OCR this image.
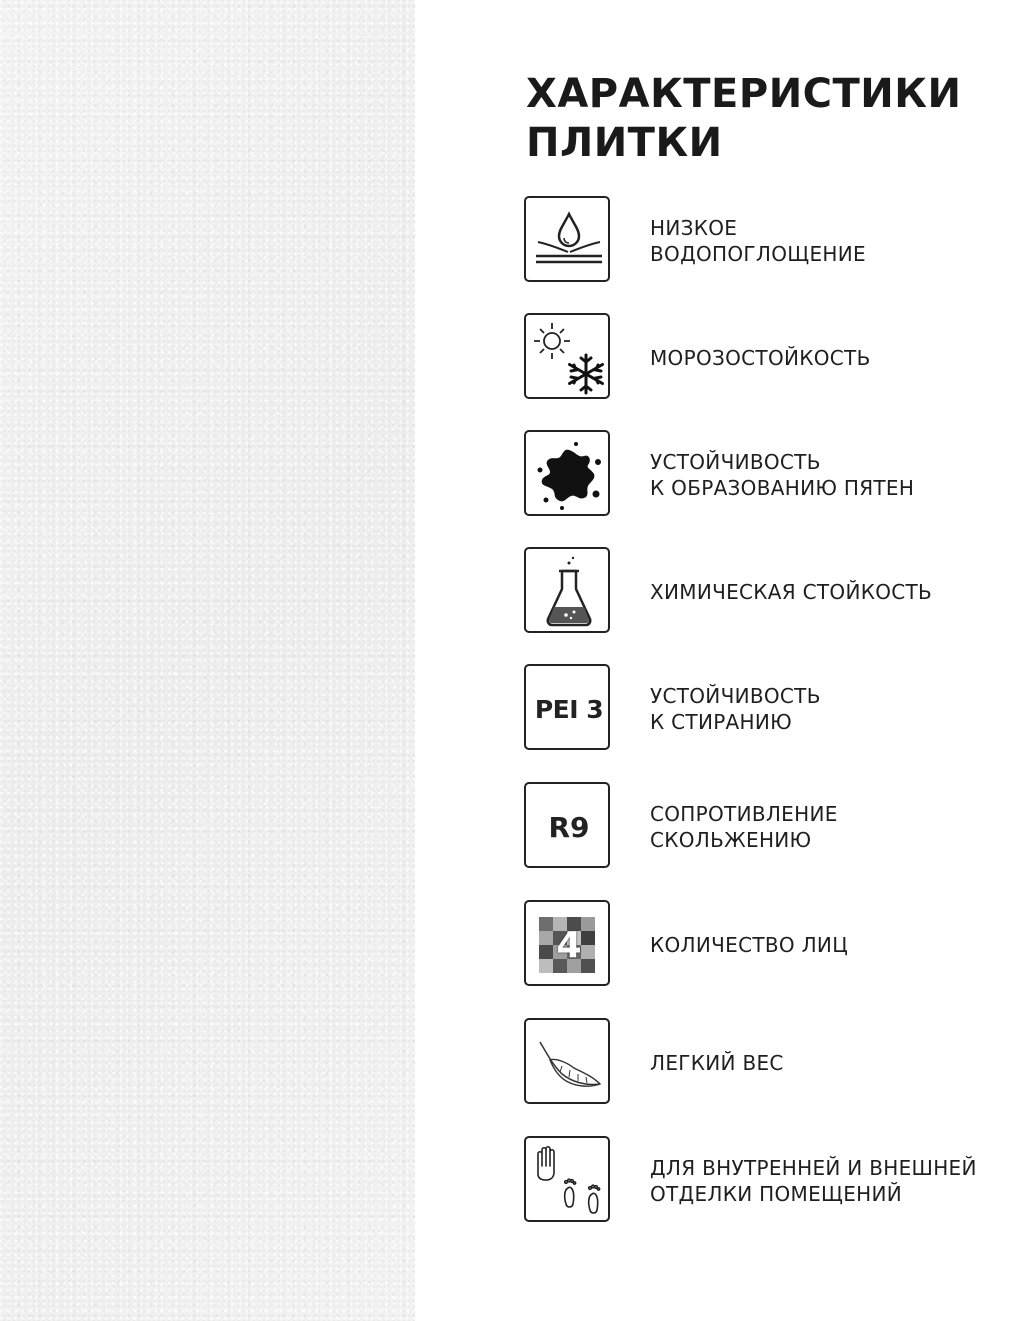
ХАРАКТЕРИСТИКИ
ПЛИТКИ
НИЗКОЕ
ВОДОПОГЛОЩЕНИЕ
МОРОЗОСТОЙКОСТЬ
УСТОЙЧИВОСТЬ
К ОБРАЗОВАНИЮ ПЯТЕН
ХИМИЧЕСКАЯ СТОЙКОСТЬ
PEI 3	УСТОЙЧИВОСТЬ
К СТИРАНИЮ
R9	СОПРОТИВЛЕНИЕ
СКОЛЬЖЕНИЮ
4	КОЛИЧЕСТВО ЛИЦ
ЛЕГКИЙ ВЕС
ДЛЯ ВНУТРЕННЕЙ И ВНЕШНЕЙ
ОТДЕЛКИ ПОМЕЩЕНИЙ
